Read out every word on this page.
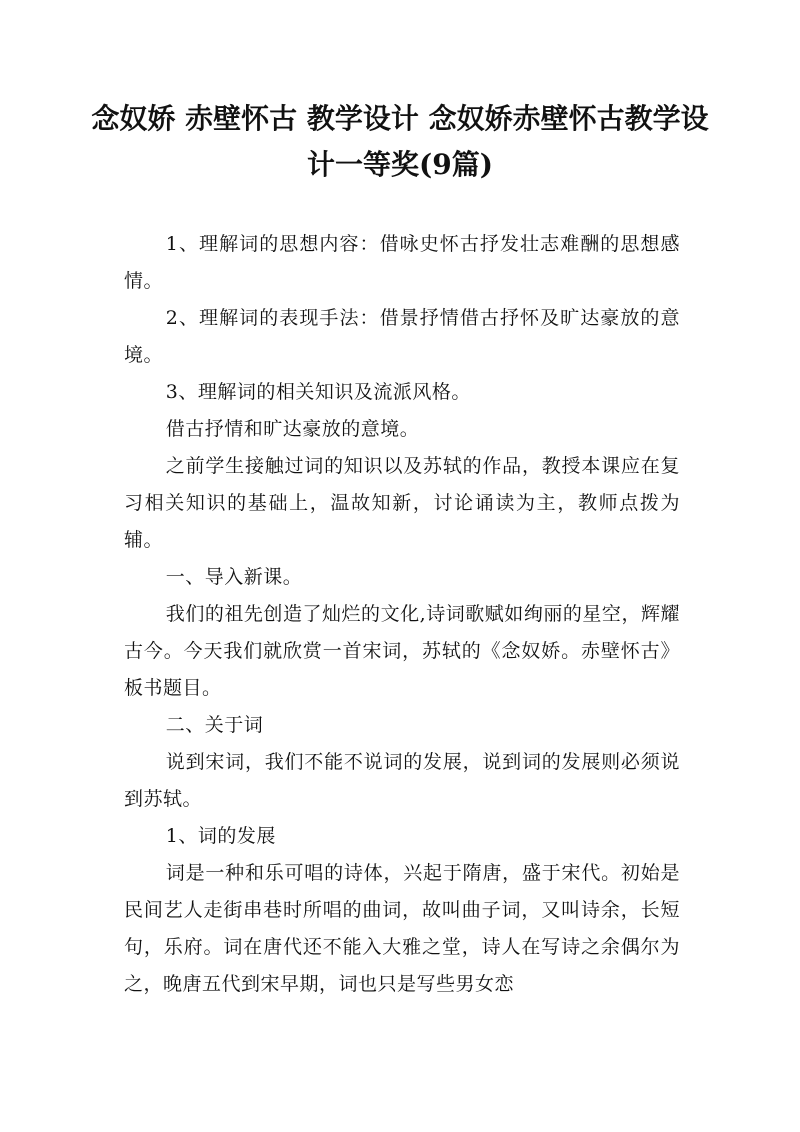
念奴娇 赤壁怀古 教学设计 念奴娇赤壁怀古教学设计一等奖(9篇)

1、理解词的思想内容：借咏史怀古抒发壮志难酬的思想感情。

2、理解词的表现手法：借景抒情借古抒怀及旷达豪放的意境。

3、理解词的相关知识及流派风格。

借古抒情和旷达豪放的意境。

之前学生接触过词的知识以及苏轼的作品，教授本课应在复习相关知识的基础上，温故知新，讨论诵读为主，教师点拨为辅。

一、导入新课。

我们的祖先创造了灿烂的文化,诗词歌赋如绚丽的星空，辉耀古今。今天我们就欣赏一首宋词，苏轼的《念奴娇。赤壁怀古》板书题目。

二、关于词

说到宋词，我们不能不说词的发展，说到词的发展则必须说到苏轼。

1、词的发展

词是一种和乐可唱的诗体，兴起于隋唐，盛于宋代。初始是民间艺人走街串巷时所唱的曲词，故叫曲子词，又叫诗余，长短句，乐府。词在唐代还不能入大雅之堂，诗人在写诗之余偶尔为之，晚唐五代到宋早期，词也只是写些男女恋
